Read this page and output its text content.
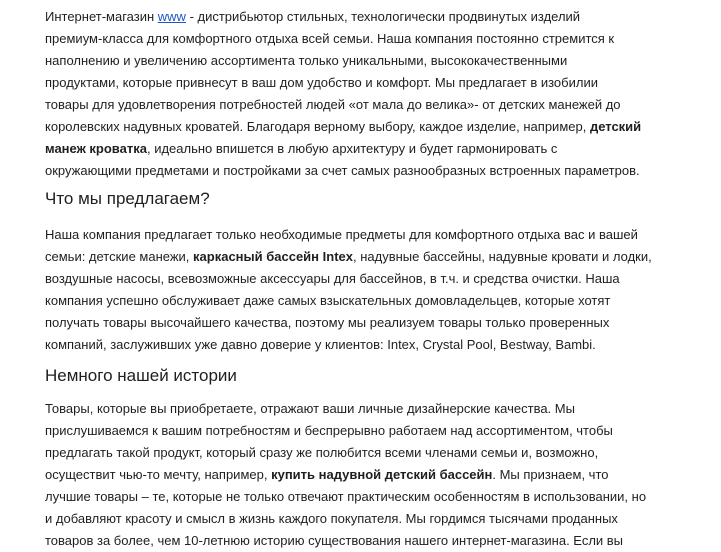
Интернет-магазин www - дистрибьютор стильных, технологически продвинутых изделий
премиум-класса для комфортного отдыха всей семьи. Наша компания постоянно стремится к
наполнению и увеличению ассортимента только уникальными, высококачественными
продуктами, которые привнесут в ваш дом удобство и комфорт. Мы предлагает в изобилии
товары для удовлетворения потребностей людей «от мала до велика»- от детских манежей до
королевских надувных кроватей. Благодаря верному выбору, каждое изделие, например, детский
манеж кроватка, идеально впишется в любую архитектуру и будет гармонировать с
окружающими предметами и постройками за счет самых разнообразных встроенных параметров.
Что мы предлагаем?
Наша компания предлагает только необходимые предметы для комфортного отдыха вас и вашей
семьи: детские манежи, каркасный бассейн Intex, надувные бассейны, надувные кровати и лодки,
воздушные насосы, всевозможные аксессуары для бассейнов, в т.ч. и средства очистки. Наша
компания успешно обслуживает даже самых взыскательных домовладельцев, которые хотят
получать товары высочайшего качества, поэтому мы реализуем товары только проверенных
компаний, заслуживших уже давно доверие у клиентов: Intex, Crystal Pool, Bestway, Bambi.
Немного нашей истории
Товары, которые вы приобретаете, отражают ваши личные дизайнерские качества. Мы
прислушиваемся к вашим потребностям и беспрерывно работаем над ассортиментом, чтобы
предлагать такой продукт, который сразу же полюбится всеми членами семьи и, возможно,
осуществит чью-то мечту, например, купить надувной детский бассейн. Мы признаем, что
лучшие товары – те, которые не только отвечают практическим особенностям в использовании, но
и добавляют красоту и смысл в жизнь каждого покупателя. Мы гордимся тысячами проданных
товаров за более, чем 10-летнюю историю существования нашего интернет-магазина. Если вы
